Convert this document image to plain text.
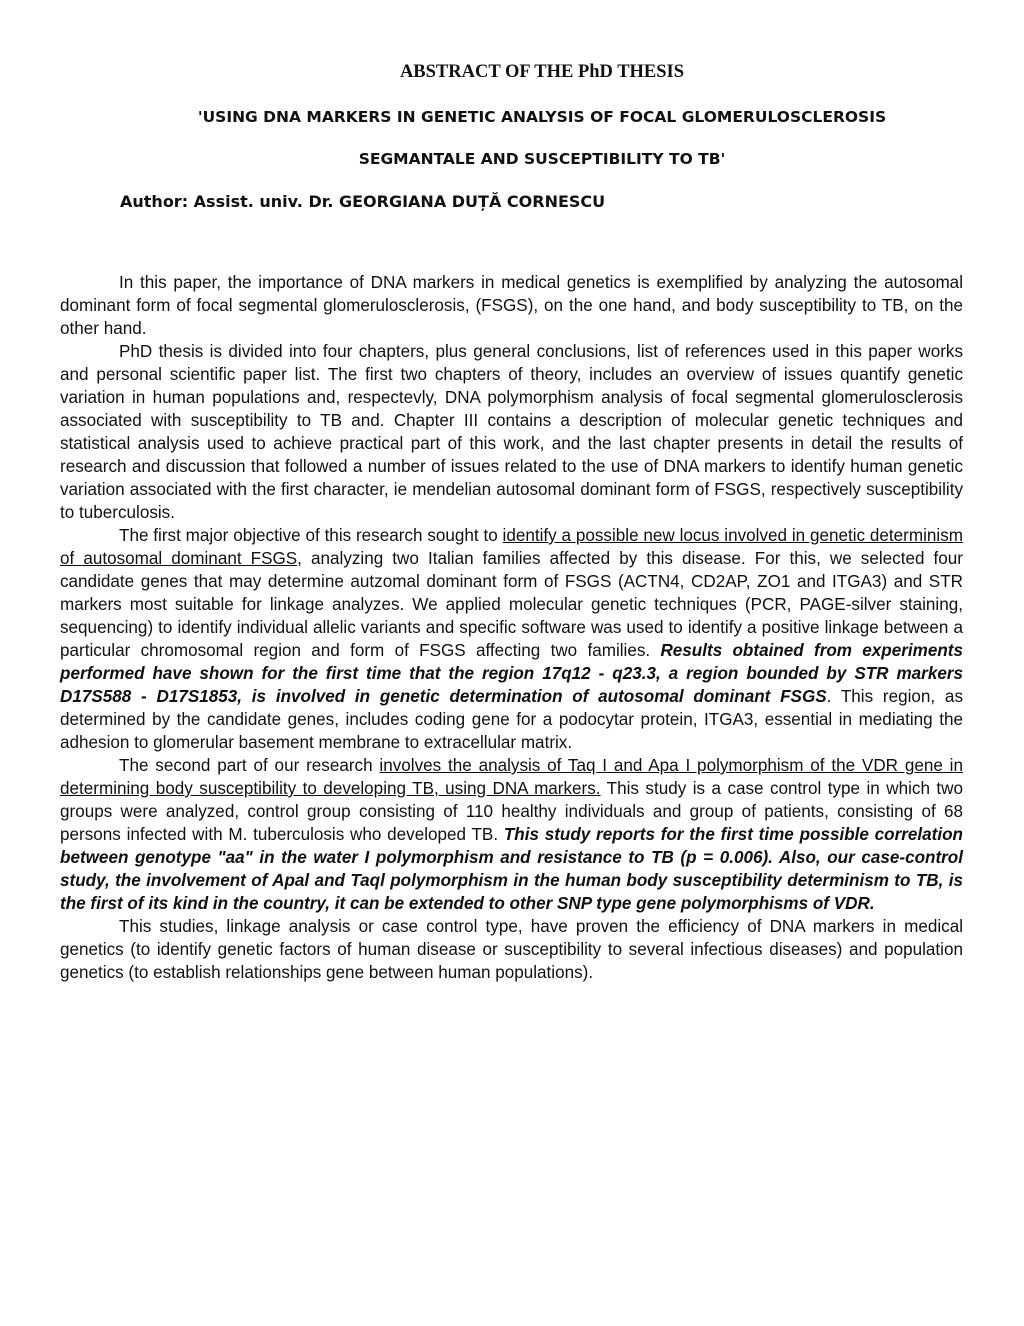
ABSTRACT OF THE PhD THESIS
'USING DNA MARKERS IN GENETIC ANALYSIS OF FOCAL GLOMERULOSCLEROSIS
SEGMANTALE AND SUSCEPTIBILITY TO TB'
Author: Assist. univ. Dr. GEORGIANA DUȚĂ CORNESCU

In this paper, the importance of DNA markers in medical genetics is exemplified by analyzing the autosomal dominant form of focal segmental glomerulosclerosis, (FSGS), on the one hand, and body susceptibility to TB, on the other hand.

PhD thesis is divided into four chapters, plus general conclusions, list of references used in this paper works and personal scientific paper list. The first two chapters of theory, includes an overview of issues quantify genetic variation in human populations and, respectevly, DNA polymorphism analysis of focal segmental glomerulosclerosis associated with susceptibility to TB and. Chapter III contains a description of molecular genetic techniques and statistical analysis used to achieve practical part of this work, and the last chapter presents in detail the results of research and discussion that followed a number of issues related to the use of DNA markers to identify human genetic variation associated with the first character, ie mendelian autosomal dominant form of FSGS, respectively susceptibility to tuberculosis.

The first major objective of this research sought to identify a possible new locus involved in genetic determinism of autosomal dominant FSGS, analyzing two Italian families affected by this disease. For this, we selected four candidate genes that may determine autzomal dominant form of FSGS (ACTN4, CD2AP, ZO1 and ITGA3) and STR markers most suitable for linkage analyzes. We applied molecular genetic techniques (PCR, PAGE-silver staining, sequencing) to identify individual allelic variants and specific software was used to identify a positive linkage between a particular chromosomal region and form of FSGS affecting two families. Results obtained from experiments performed have shown for the first time that the region 17q12 - q23.3, a region bounded by STR markers D17S588 - D17S1853, is involved in genetic determination of autosomal dominant FSGS. This region, as determined by the candidate genes, includes coding gene for a podocytar protein, ITGA3, essential in mediating the adhesion to glomerular basement membrane to extracellular matrix.

The second part of our research involves the analysis of Taq I and Apa I polymorphism of the VDR gene in determining body susceptibility to developing TB, using DNA markers. This study is a case control type in which two groups were analyzed, control group consisting of 110 healthy individuals and group of patients, consisting of 68 persons infected with M. tuberculosis who developed TB. This study reports for the first time possible correlation between genotype "aa" in the water I polymorphism and resistance to TB (p = 0.006). Also, our case-control study, the involvement of Apal and Taql polymorphism in the human body susceptibility determinism to TB, is the first of its kind in the country, it can be extended to other SNP type gene polymorphisms of VDR.

This studies, linkage analysis or case control type, have proven the efficiency of DNA markers in medical genetics (to identify genetic factors of human disease or susceptibility to several infectious diseases) and population genetics (to establish relationships gene between human populations).
